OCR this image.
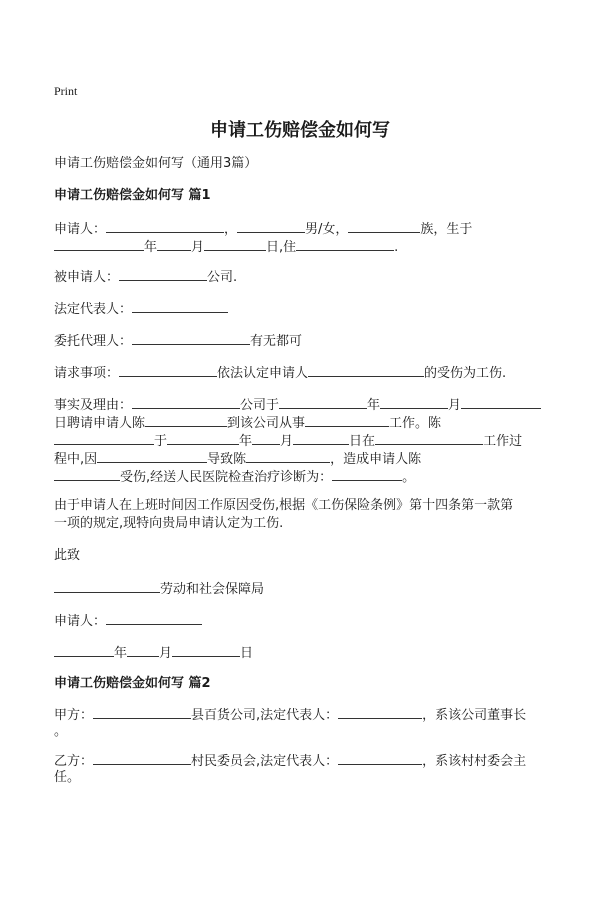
Print
申请工伤赔偿金如何写
申请工伤赔偿金如何写（通用3篇）
申请工伤赔偿金如何写 篇1
申请人：	，	男/女，	族，生于
年	月	日,住	.
被申请人：	公司.
法定代表人：
委托代理人：	有无都可
请求事项：	依法认定申请人	的受伤为工伤.
事实及理由：	公司于	年	月
日聘请申请人陈	到该公司从事	工作。陈
于	年 月	日在	工作过
程中,因	导致陈	，造成申请人陈
受伤,经送人民医院检查治疗诊断为：	。
由于申请人在上班时间因工作原因受伤,根据《工伤保险条例》第十四条第一款第
一项的规定,现特向贵局申请认定为工伤.
此致
劳动和社会保障局
申请人：
年 月	日
申请工伤赔偿金如何写 篇2
甲方：	县百货公司,法定代表人：	，系该公司董事长
。
乙方：	村民委员会,法定代表人：	，系该村村委会主
任。
